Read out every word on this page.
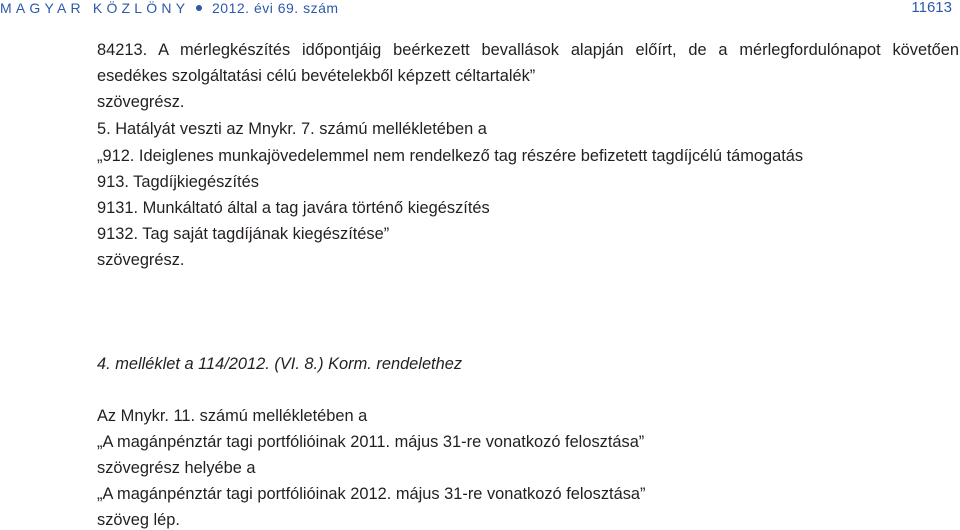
MAGYAR KÖZLÖNY 2012. évi 69. szám	11613
84213. A mérlegkészítés időpontjáig beérkezett bevallások alapján előírt, de a mérlegfordulónapot követően
esedékes szolgáltatási célú bevételekből képzett céltartalék”
szövegrész.
5. Hatályát veszti az Mnykr. 7. számú mellékletében a
„912. Ideiglenes munkajövedelemmel nem rendelkező tag részére befizetett tagdíjcélú támogatás
913. Tagdíjkiegészítés
9131. Munkáltató által a tag javára történő kiegészítés
9132. Tag saját tagdíjának kiegészítése”
szövegrész.
4. melléklet a 114/2012. (VI. 8.) Korm. rendelethez
Az Mnykr. 11. számú mellékletében a
„A magánpénztár tagi portfólióinak 2011. május 31-re vonatkozó felosztása”
szövegrész helyébe a
„A magánpénztár tagi portfólióinak 2012. május 31-re vonatkozó felosztása”
szöveg lép.
